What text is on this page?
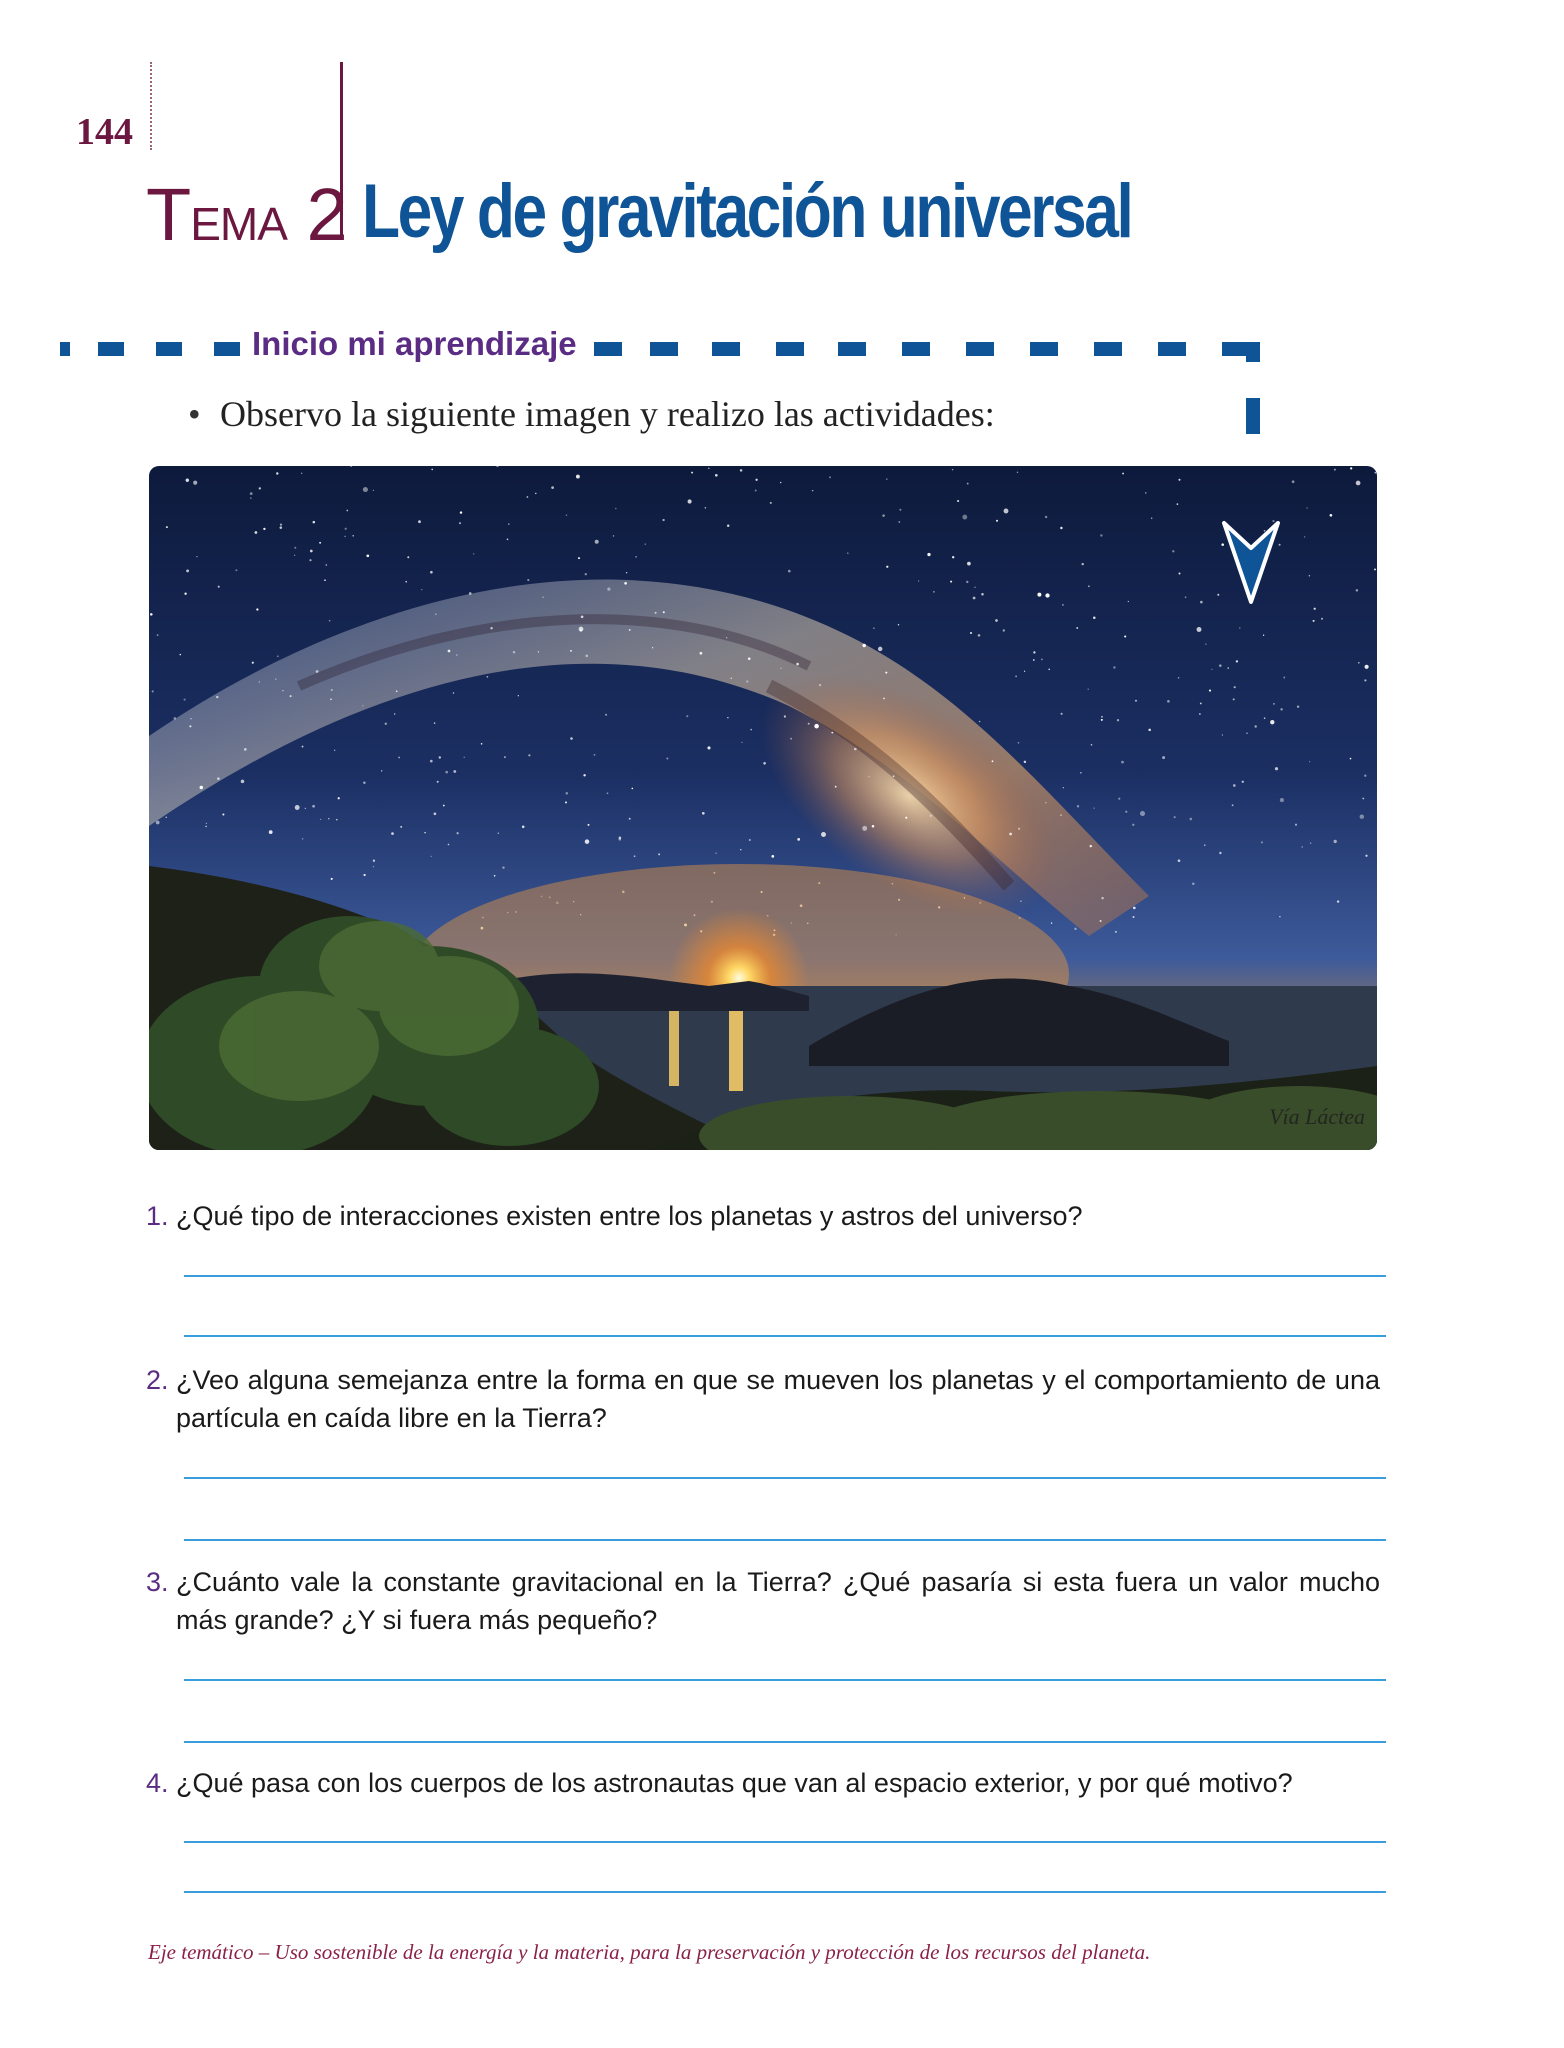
144
TEMA 2 Ley de gravitación universal
Inicio mi aprendizaje
• Observo la siguiente imagen y realizo las actividades:
Vía Láctea
1. ¿Qué tipo de interacciones existen entre los planetas y astros del universo?
2. ¿Veo alguna semejanza entre la forma en que se mueven los planetas y el comportamiento de una partícula en caída libre en la Tierra?
3. ¿Cuánto vale la constante gravitacional en la Tierra? ¿Qué pasaría si esta fuera un valor mucho más grande? ¿Y si fuera más pequeño?
4. ¿Qué pasa con los cuerpos de los astronautas que van al espacio exterior, y por qué motivo?
Eje temático – Uso sostenible de la energía y la materia, para la preservación y protección de los recursos del planeta.
